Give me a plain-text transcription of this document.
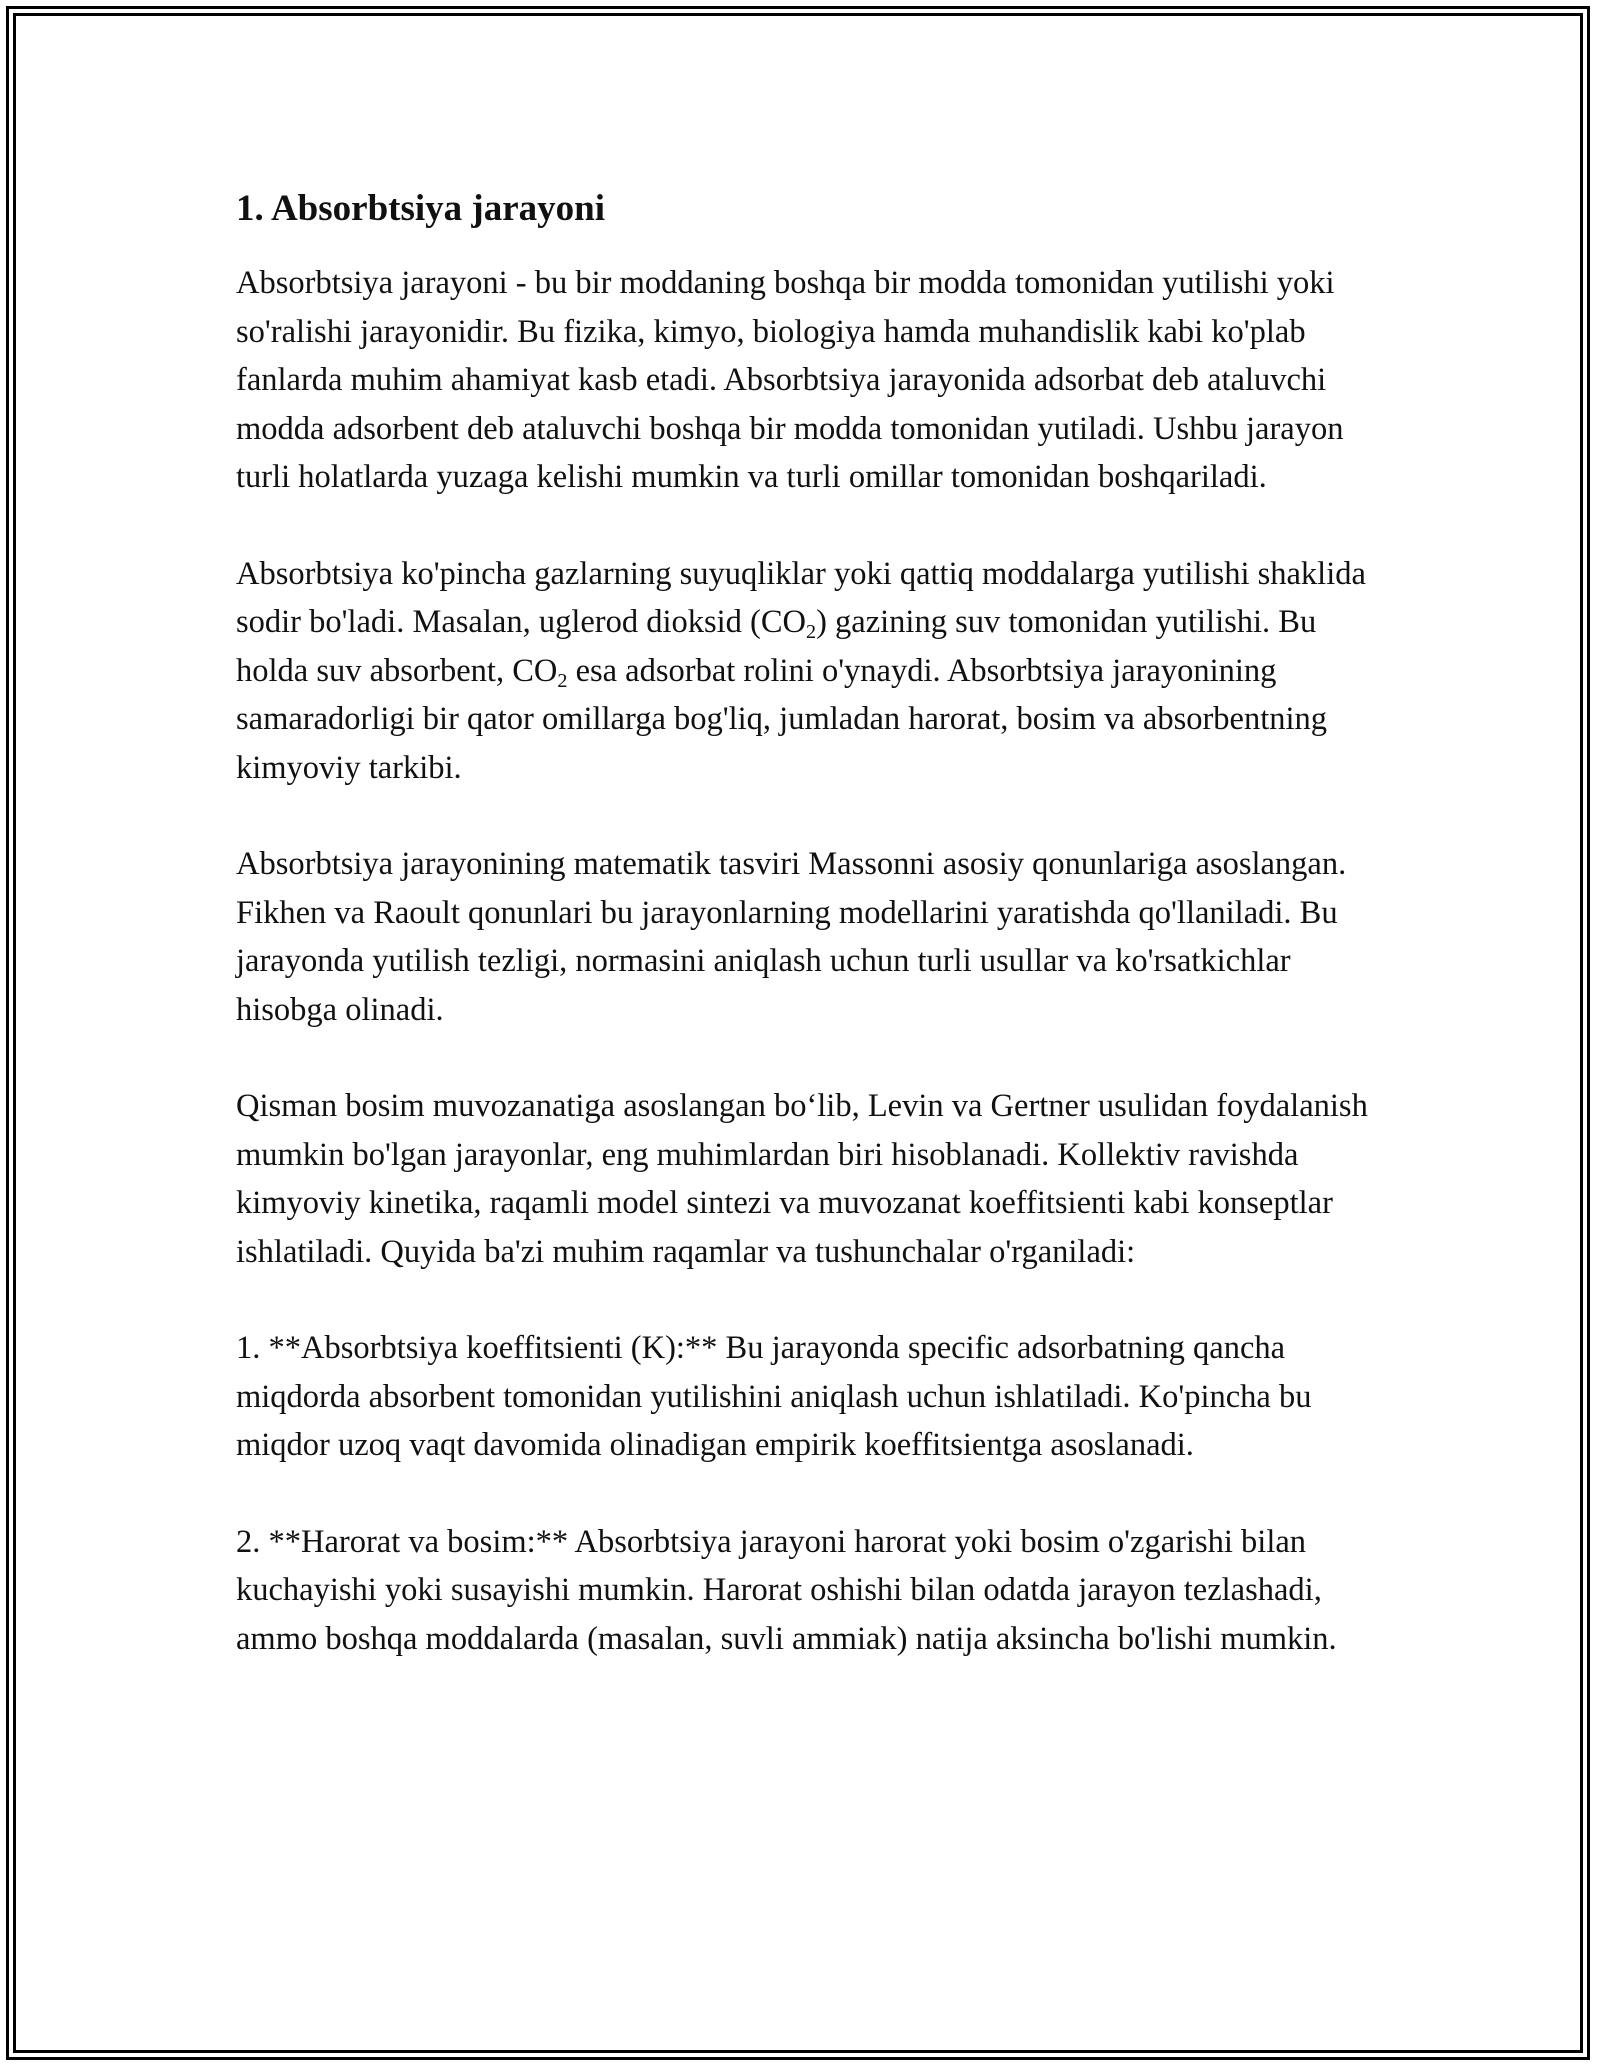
1. Absorbtsiya jarayoni

Absorbtsiya jarayoni - bu bir moddaning boshqa bir modda tomonidan yutilishi yoki so'ralishi jarayonidir. Bu fizika, kimyo, biologiya hamda muhandislik kabi ko'plab fanlarda muhim ahamiyat kasb etadi. Absorbtsiya jarayonida adsorbat deb ataluvchi modda adsorbent deb ataluvchi boshqa bir modda tomonidan yutiladi. Ushbu jarayon turli holatlarda yuzaga kelishi mumkin va turli omillar tomonidan boshqariladi.

Absorbtsiya ko'pincha gazlarning suyuqliklar yoki qattiq moddalarga yutilishi shaklida sodir bo'ladi. Masalan, uglerod dioksid $(CO_2)$ gazining suv tomonidan yutilishi. Bu holda suv absorbent, $CO_2$ esa adsorbat rolini o'ynaydi. Absorbtsiya jarayonining samaradorligi bir qator omillarga bog'liq, jumladan harorat, bosim va absorbentning kimyoviy tarkibi.

Absorbtsiya jarayonining matematik tasviri Massonni asosiy qonunlariga asoslangan. Fikhen va Raoult qonunlari bu jarayonlarning modellarini yaratishda qo'llaniladi. Bu jarayonda yutilish tezligi, normasini aniqlash uchun turli usullar va ko'rsatkichlar hisobga olinadi.

Qisman bosim muvozanatiga asoslangan bo‘lib, Levin va Gertner usulidan foydalanish mumkin bo'lgan jarayonlar, eng muhimlardan biri hisoblanadi. Kollektiv ravishda kimyoviy kinetika, raqamli model sintezi va muvozanat koeffitsienti kabi konseptlar ishlatiladi. Quyida ba'zi muhim raqamlar va tushunchalar o'rganiladi:

1. **Absorbtsiya koeffitsienti (K):** Bu jarayonda specific adsorbatning qancha miqdorda absorbent tomonidan yutilishini aniqlash uchun ishlatiladi. Ko'pincha bu miqdor uzoq vaqt davomida olinadigan empirik koeffitsientga asoslanadi.

2. **Harorat va bosim:** Absorbtsiya jarayoni harorat yoki bosim o'zgarishi bilan kuchayishi yoki susayishi mumkin. Harorat oshishi bilan odatda jarayon tezlashadi, ammo boshqa moddalarda (masalan, suvli ammiak) natija aksincha bo'lishi mumkin.
